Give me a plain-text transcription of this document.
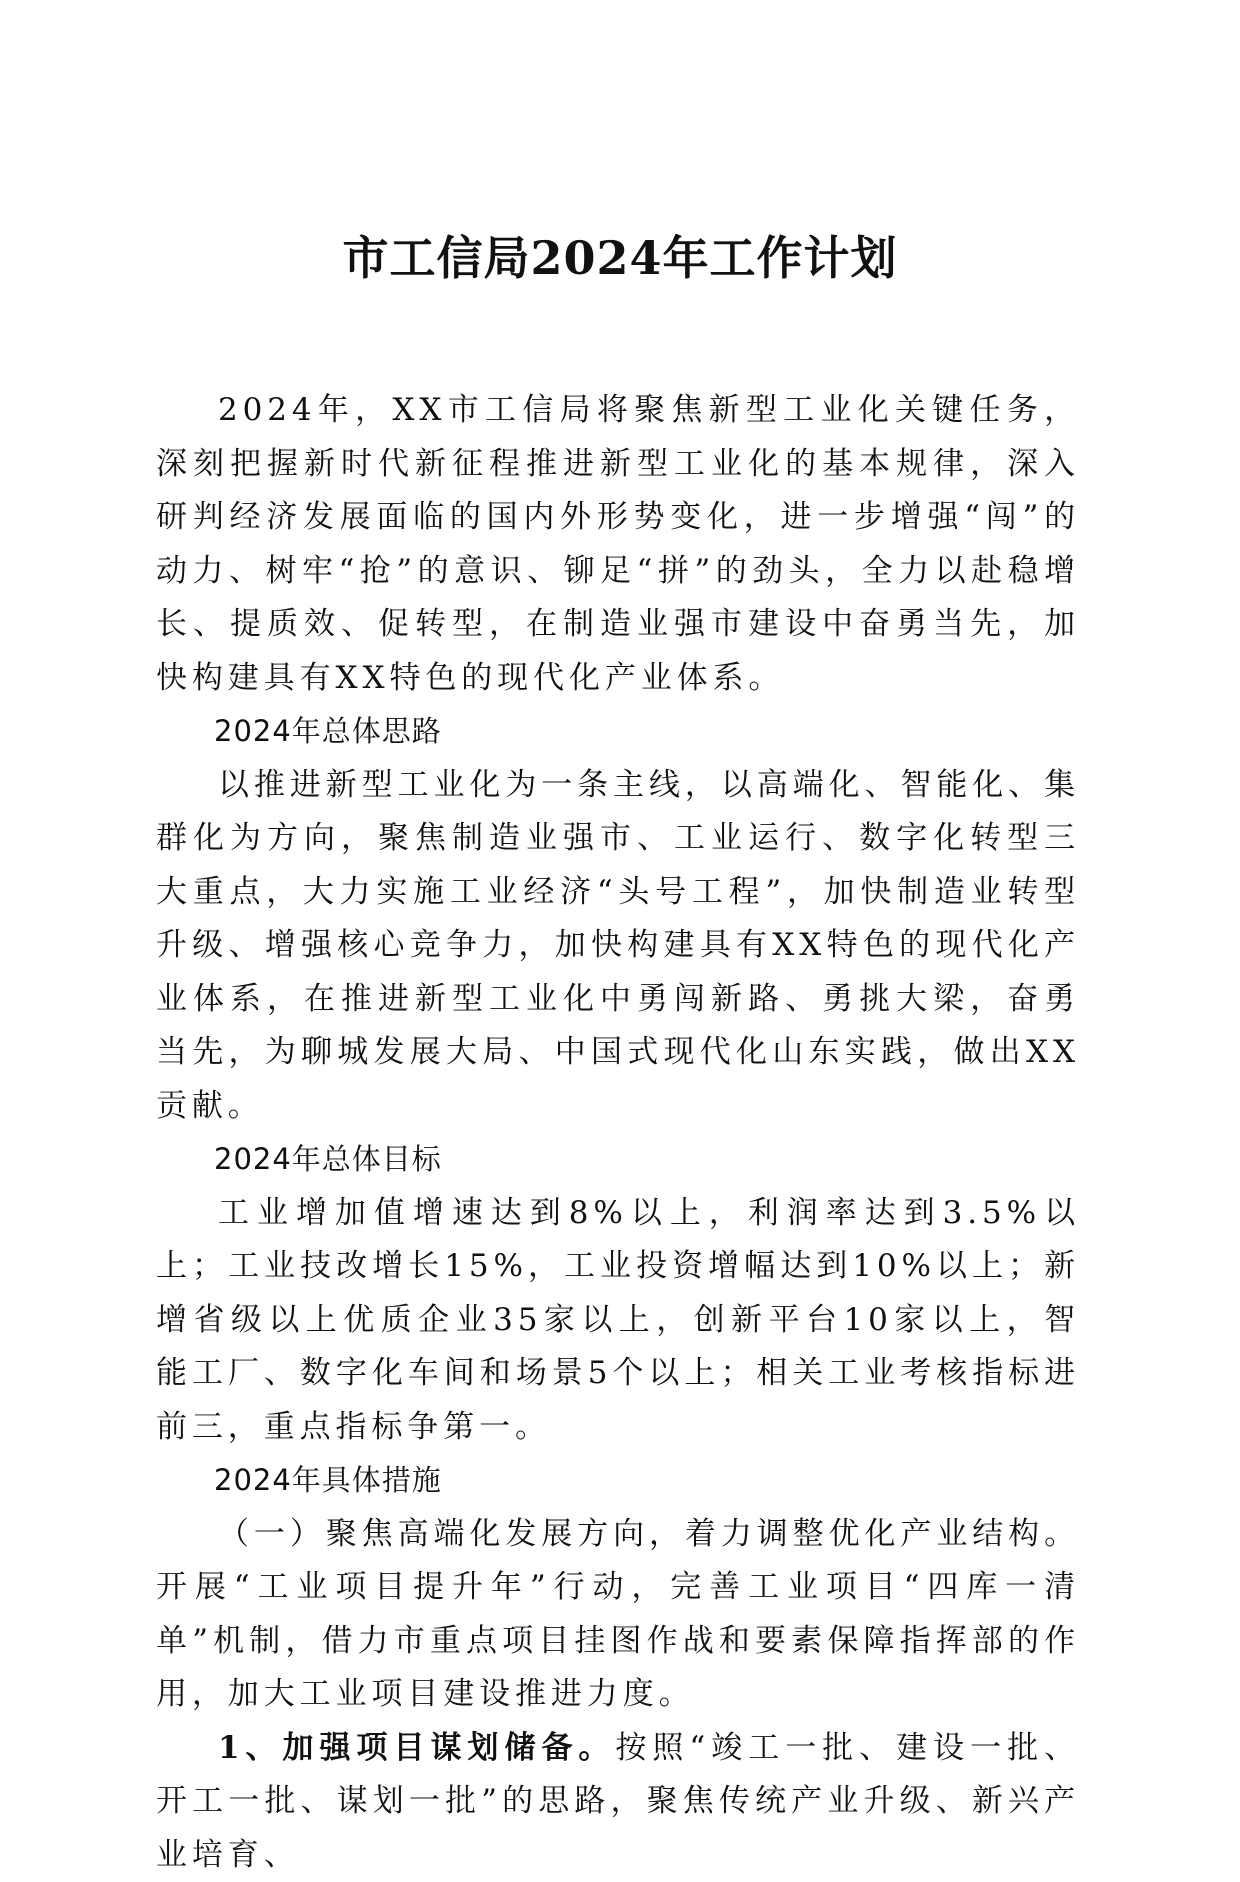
市工信局2024年工作计划

2024年，XX市工信局将聚焦新型工业化关键任务，深刻把握新时代新征程推进新型工业化的基本规律，深入研判经济发展面临的国内外形势变化，进一步增强“闯”的动力、树牢“抢”的意识、铆足“拼”的劲头，全力以赴稳增长、提质效、促转型，在制造业强市建设中奋勇当先，加快构建具有XX特色的现代化产业体系。

2024年总体思路

以推进新型工业化为一条主线，以高端化、智能化、集群化为方向，聚焦制造业强市、工业运行、数字化转型三大重点，大力实施工业经济“头号工程”，加快制造业转型升级、增强核心竞争力，加快构建具有XX特色的现代化产业体系，在推进新型工业化中勇闯新路、勇挑大梁，奋勇当先，为聊城发展大局、中国式现代化山东实践，做出XX贡献。

2024年总体目标

工业增加值增速达到8%以上，利润率达到3.5%以上；工业技改增长15%，工业投资增幅达到10%以上；新增省级以上优质企业35家以上，创新平台10家以上，智能工厂、数字化车间和场景5个以上；相关工业考核指标进前三，重点指标争第一。

2024年具体措施

（一）聚焦高端化发展方向，着力调整优化产业结构。开展“工业项目提升年”行动，完善工业项目“四库一清单”机制，借力市重点项目挂图作战和要素保障指挥部的作用，加大工业项目建设推进力度。

1、加强项目谋划储备。按照“竣工一批、建设一批、开工一批、谋划一批”的思路，聚焦传统产业升级、新兴产业培育、
